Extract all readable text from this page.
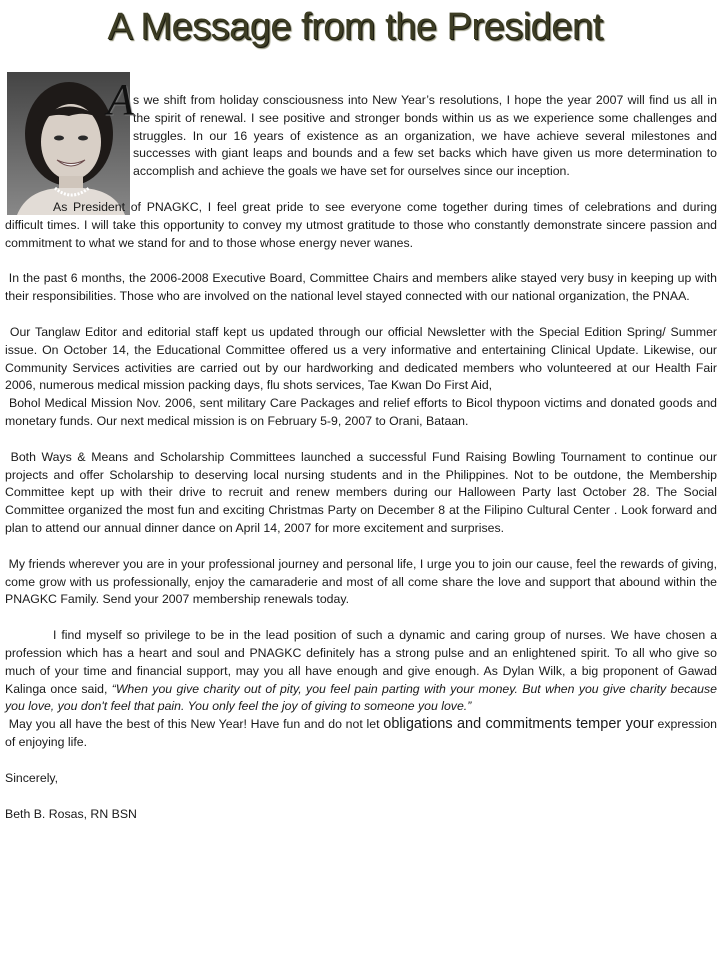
A Message from the President

A s we shift from holiday consciousness into New Year’s resolutions, I hope the year 2007 will find us all in the spirit of renewal. I see positive and stronger bonds within us as we experience some challenges and struggles. In our 16 years of existence as an organization, we have achieve several milestones and successes with giant leaps and bounds and a few set backs which have given us more determination to accomplish and achieve the goals we have set for ourselves since our inception.

As President of PNAGKC, I feel great pride to see everyone come together during times of celebrations and during difficult times. I will take this opportunity to convey my utmost gratitude to those who constantly demonstrate sincere passion and commitment to what we stand for and to those whose energy never wanes.

In the past 6 months, the 2006-2008 Executive Board, Committee Chairs and members alike stayed very busy in keeping up with their responsibilities. Those who are involved on the national level stayed connected with our national organization, the PNAA.

Our Tanglaw Editor and editorial staff kept us updated through our official Newsletter with the Special Edition Spring/ Summer issue. On October 14, the Educational Committee offered us a very informative and entertaining Clinical Update. Likewise, our Community Services activities are carried out by our hardworking and dedicated members who volunteered at our Health Fair 2006, numerous medical mission packing days, flu shots services, Tae Kwan Do First Aid,
Bohol Medical Mission Nov. 2006, sent military Care Packages and relief efforts to Bicol thypoon victims and donated goods and monetary funds. Our next medical mission is on February 5-9, 2007 to Orani, Bataan.

Both Ways & Means and Scholarship Committees launched a successful Fund Raising Bowling Tournament to continue our projects and offer Scholarship to deserving local nursing students and in the Philippines. Not to be outdone, the Membership Committee kept up with their drive to recruit and renew members during our Halloween Party last October 28. The Social Committee organized the most fun and exciting Christmas Party on December 8 at the Filipino Cultural Center . Look forward and plan to attend our annual dinner dance on April 14, 2007 for more excitement and surprises.

My friends wherever you are in your professional journey and personal life, I urge you to join our cause, feel the rewards of giving, come grow with us professionally, enjoy the camaraderie and most of all come share the love and support that abound within the PNAGKC Family. Send your 2007 membership renewals today.

I find myself so privilege to be in the lead position of such a dynamic and caring group of nurses. We have chosen a profession which has a heart and soul and PNAGKC definitely has a strong pulse and an enlightened spirit. To all who give so much of your time and financial support, may you all have enough and give enough. As Dylan Wilk, a big proponent of Gawad Kalinga once said, “When you give charity out of pity, you feel pain parting with your money. But when you give charity because you love, you don't feel that pain. You only feel the joy of giving to someone you love.”

May you all have the best of this New Year! Have fun and do not let obligations and commitments temper your expression of enjoying life.

Sincerely,

Beth B. Rosas, RN BSN
